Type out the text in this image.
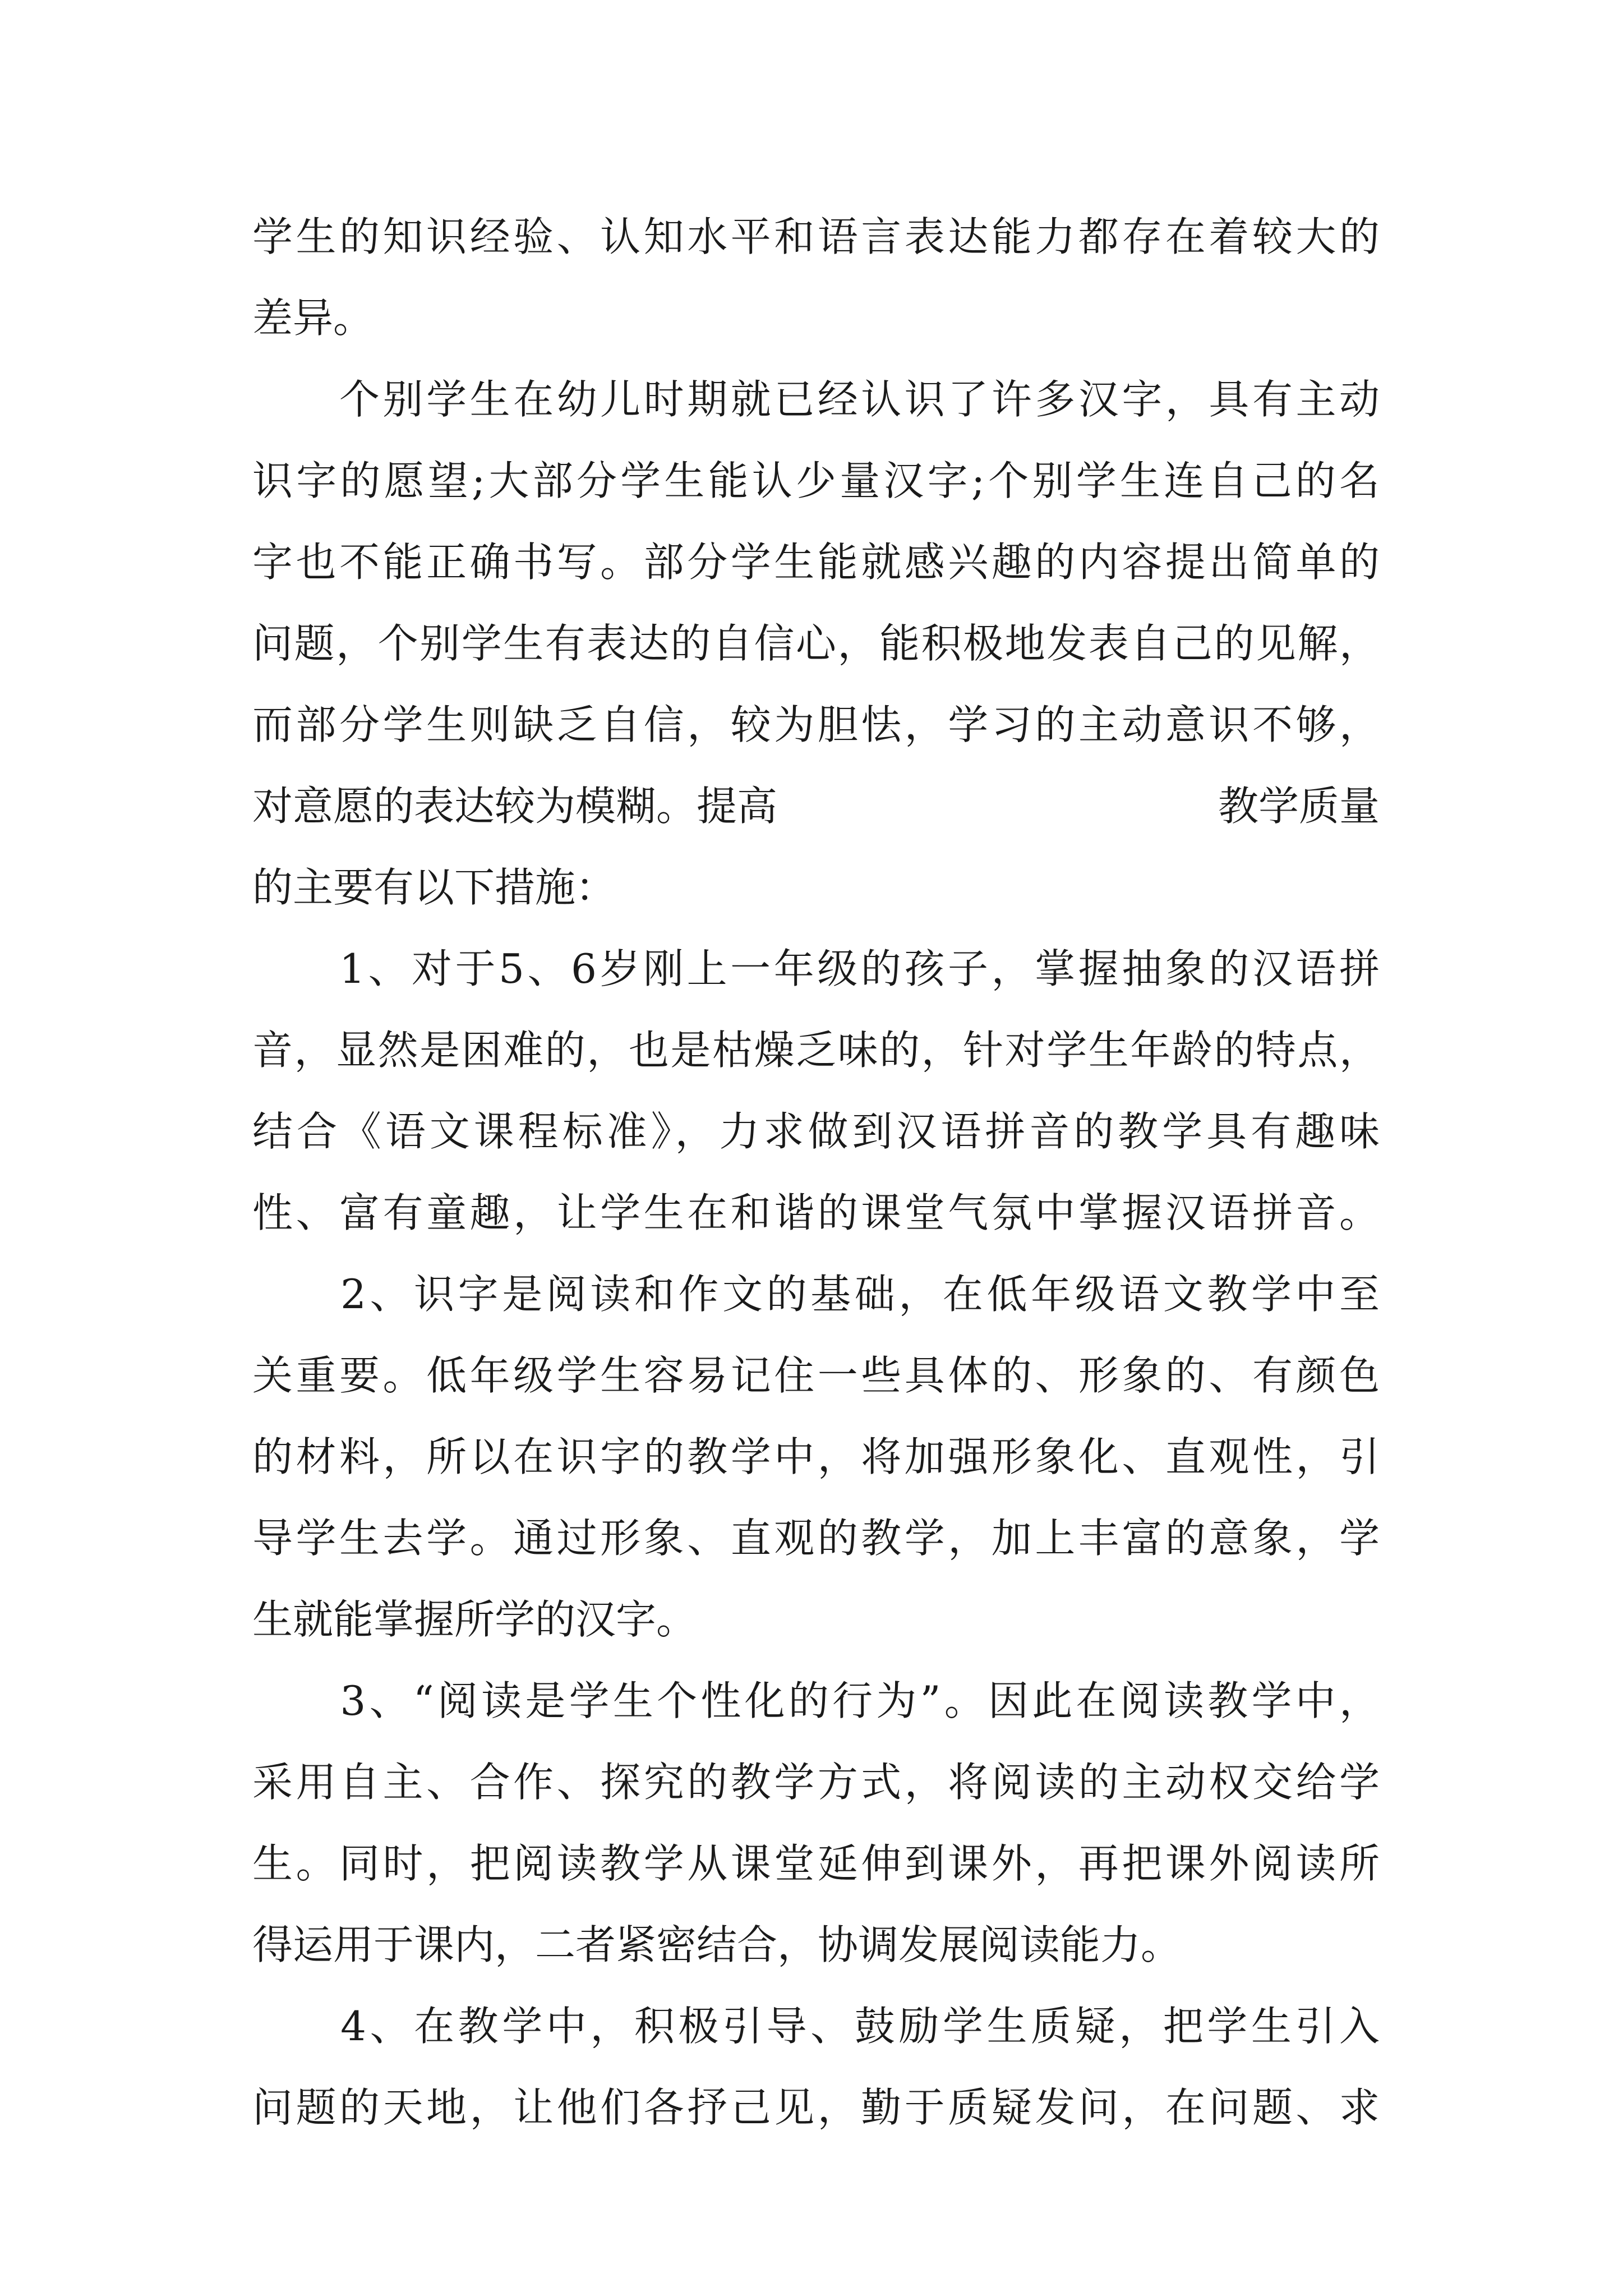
学生的知识经验、认知水平和语言表达能力都存在着较大的
差异。
　　个别学生在幼儿时期就已经认识了许多汉字，具有主动
识字的愿望;大部分学生能认少量汉字;个别学生连自己的名
字也不能正确书写。部分学生能就感兴趣的内容提出简单的
问题，个别学生有表达的自信心，能积极地发表自己的见解，
而部分学生则缺乏自信，较为胆怯，学习的主动意识不够，
对意愿的表达较为模糊。提高	教学质量
的主要有以下措施：
　　1、对于5、6岁刚上一年级的孩子，掌握抽象的汉语拼
音，显然是困难的，也是枯燥乏味的，针对学生年龄的特点，
结合《语文课程标准》，力求做到汉语拼音的教学具有趣味
性、富有童趣，让学生在和谐的课堂气氛中掌握汉语拼音。
　　2、识字是阅读和作文的基础，在低年级语文教学中至
关重要。低年级学生容易记住一些具体的、形象的、有颜色
的材料，所以在识字的教学中，将加强形象化、直观性，引
导学生去学。通过形象、直观的教学，加上丰富的意象，学
生就能掌握所学的汉字。
　　3、“阅读是学生个性化的行为”。因此在阅读教学中，
采用自主、合作、探究的教学方式，将阅读的主动权交给学
生。同时，把阅读教学从课堂延伸到课外，再把课外阅读所
得运用于课内，二者紧密结合，协调发展阅读能力。
　　4、在教学中，积极引导、鼓励学生质疑，把学生引入
问题的天地，让他们各抒己见，勤于质疑发问，在问题、求
